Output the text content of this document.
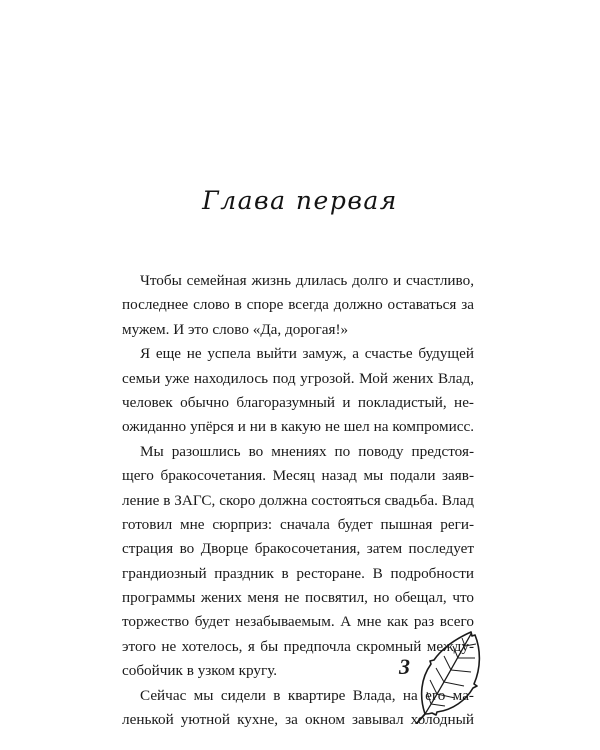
Глава первая
Чтобы семейная жизнь длилась долго и счастливо,
последнее слово в споре всегда должно оставаться за
мужем. И это слово «Да, дорогая!»
Я еще не успела выйти замуж, а счастье будущей
семьи уже находилось под угрозой. Мой жених Влад,
человек обычно благоразумный и покладистый, не-
ожиданно упёрся и ни в какую не шел на компромисс.
Мы разошлись во мнениях по поводу предстоя-
щего бракосочетания. Месяц назад мы подали заяв-
ление в ЗАГС, скоро должна состояться свадьба. Влад
готовил мне сюрприз: сначала будет пышная реги-
страция во Дворце бракосочетания, затем последует
грандиозный праздник в ресторане. В подробности
программы жених меня не посвятил, но обещал, что
торжество будет незабываемым. А мне как раз всего
этого не хотелось, я бы предпочла скромный между-
собойчик в узком кругу.
Сейчас мы сидели в квартире Влада, на его ма-
ленькой уютной кухне, за окном завывал холодный
3
